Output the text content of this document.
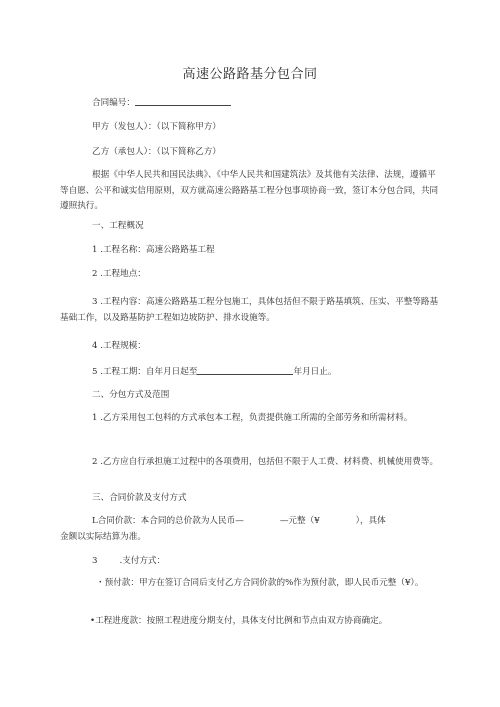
高速公路路基分包合同
合同编号：
甲方（发包人）：（以下简称甲方）
乙方（承包人）：（以下简称乙方）
根据《中华人民共和国民法典》、《中华人民共和国建筑法》及其他有关法律、法规，遵循平等自愿、公平和诚实信用原则，双方就高速公路路基工程分包事项协商一致，签订本分包合同，共同遵照执行。
一、工程概况
1 .工程名称：高速公路路基工程
2 .工程地点：
3 .工程内容：高速公路路基工程分包施工，具体包括但不限于路基填筑、压实、平整等路基基础工作，以及路基防护工程如边坡防护、排水设施等。
4 .工程规模：
5 .工程工期：自年月日起至	年月日止。
二、分包方式及范围
1 .乙方采用包工包料的方式承包本工程，负责提供施工所需的全部劳务和所需材料。
2 .乙方应自行承担施工过程中的各项费用，包括但不限于人工费、材料费、机械使用费等。
三、合同价款及支付方式
L合同价款：本合同的总价款为人民币—	—元整（¥	），具体
金额以实际结算为准。
3	.支付方式：
・预付款：甲方在签订合同后支付乙方合同价款的%作为预付款，即人民币元整（¥）。
•工程进度款：按照工程进度分期支付，具体支付比例和节点由双方协商确定。
